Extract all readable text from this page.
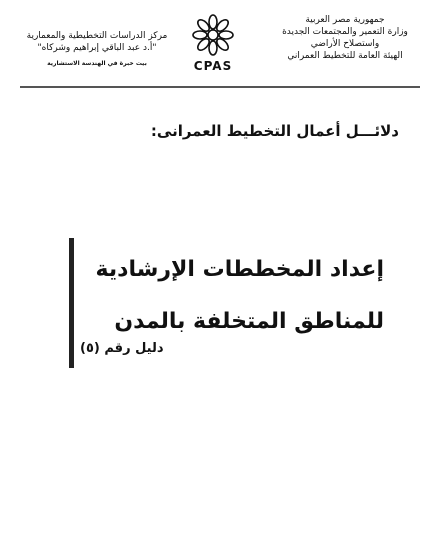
جمهورية مصر العربية
وزارة التعمير والمجتمعات الجديدة
واستصلاح الأراضي
الهيئة العامة للتخطيط العمراني
CPAS
مركز الدراسات التخطيطية والمعمارية
"أ.د عبد الباقي إبراهيم وشركاه"
بيت خبرة في الهندسة الاستشارية
دلائـــل أعمال التخطيط العمرانى:
إعداد المخططات الإرشادية
للمناطق المتخلفة بالمدن
دليل رقم (٥)
